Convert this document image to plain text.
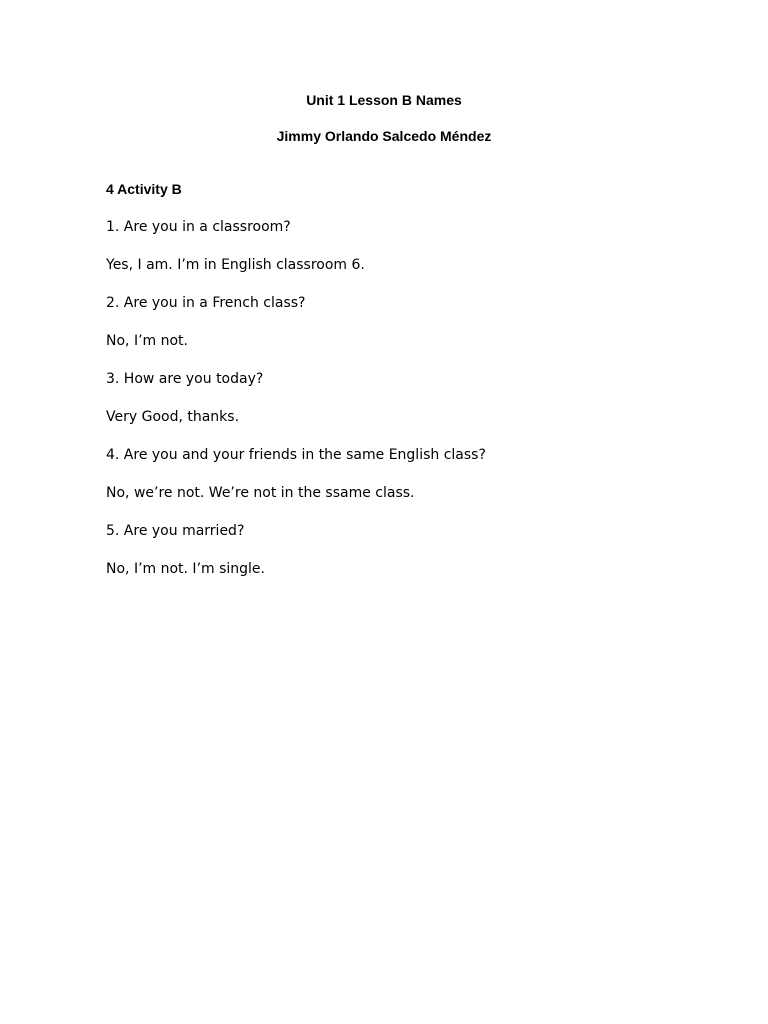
Unit 1 Lesson B Names
Jimmy Orlando Salcedo Méndez
4 Activity B
1. Are you in a classroom?
Yes, I am. I’m in English classroom 6.
2. Are you in a French class?
No, I’m not.
3. How are you today?
Very Good, thanks.
4. Are you and your friends in the same English class?
No, we’re not. We’re not in the ssame class.
5. Are you married?
No, I’m not. I’m single.
